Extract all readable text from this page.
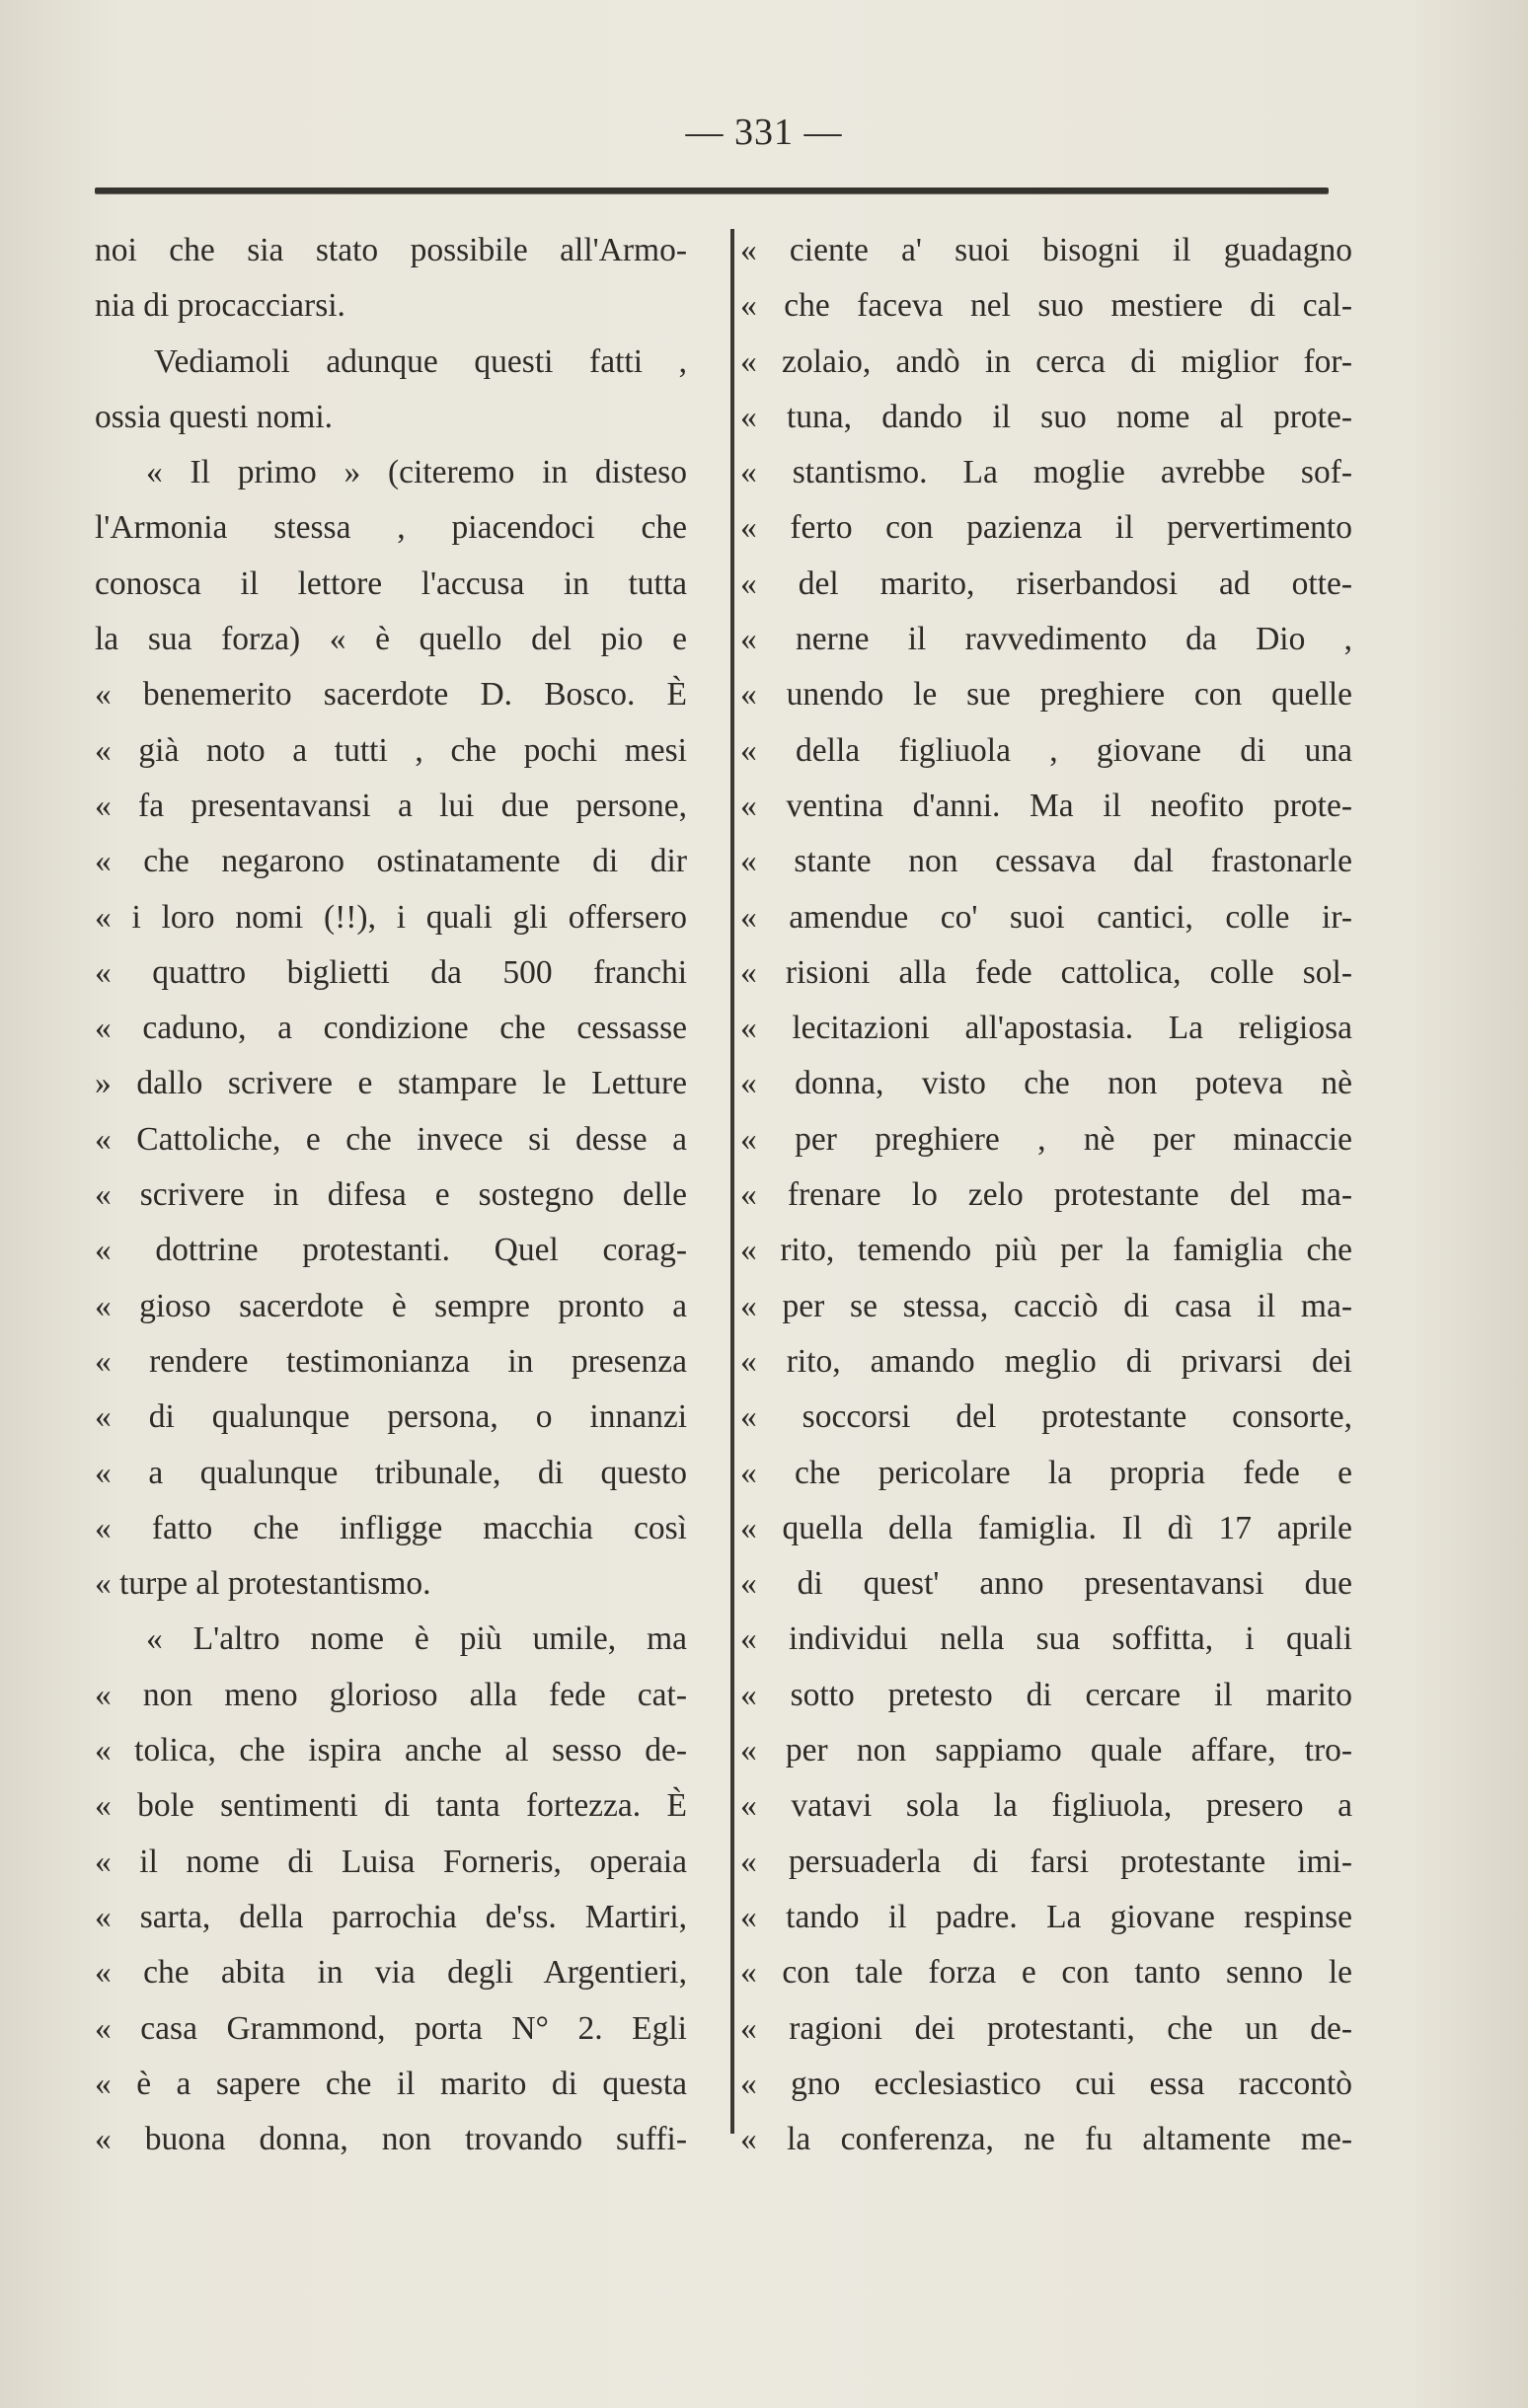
— 331 —
noi che sia stato possibile all'Armo-
nia di procacciarsi.
Vediamoli adunque questi fatti ,
ossia questi nomi.
« Il primo » (citeremo in disteso
l'Armonia stessa , piacendoci che
conosca il lettore l'accusa in tutta
la sua forza) « è quello del pio e
« benemerito sacerdote D. Bosco. È
« già noto a tutti , che pochi mesi
« fa presentavansi a lui due persone,
« che negarono ostinatamente di dir
« i loro nomi (!!), i quali gli offersero
« quattro biglietti da 500 franchi
« caduno, a condizione che cessasse
» dallo scrivere e stampare le Letture
« Cattoliche, e che invece si desse a
« scrivere in difesa e sostegno delle
« dottrine protestanti. Quel corag-
« gioso sacerdote è sempre pronto a
« rendere testimonianza in presenza
« di qualunque persona, o innanzi
« a qualunque tribunale, di questo
« fatto che infligge macchia così
« turpe al protestantismo.
« L'altro nome è più umile, ma
« non meno glorioso alla fede cat-
« tolica, che ispira anche al sesso de-
« bole sentimenti di tanta fortezza. È
« il nome di Luisa Forneris, operaia
« sarta, della parrochia de'ss. Martiri,
« che abita in via degli Argentieri,
« casa Grammond, porta N° 2. Egli
« è a sapere che il marito di questa
« buona donna, non trovando suffi-
« ciente a' suoi bisogni il guadagno
« che faceva nel suo mestiere di cal-
« zolaio, andò in cerca di miglior for-
« tuna, dando il suo nome al prote-
« stantismo. La moglie avrebbe sof-
« ferto con pazienza il pervertimento
« del marito, riserbandosi ad otte-
« nerne il ravvedimento da Dio ,
« unendo le sue preghiere con quelle
« della figliuola , giovane di una
« ventina d'anni. Ma il neofito prote-
« stante non cessava dal frastonarle
« amendue co' suoi cantici, colle ir-
« risioni alla fede cattolica, colle sol-
« lecitazioni all'apostasia. La religiosa
« donna, visto che non poteva nè
« per preghiere , nè per minaccie
« frenare lo zelo protestante del ma-
« rito, temendo più per la famiglia che
« per se stessa, cacciò di casa il ma-
« rito, amando meglio di privarsi dei
« soccorsi del protestante consorte,
« che pericolare la propria fede e
« quella della famiglia. Il dì 17 aprile
« di quest' anno presentavansi due
« individui nella sua soffitta, i quali
« sotto pretesto di cercare il marito
« per non sappiamo quale affare, tro-
« vatavi sola la figliuola, presero a
« persuaderla di farsi protestante imi-
« tando il padre. La giovane respinse
« con tale forza e con tanto senno le
« ragioni dei protestanti, che un de-
« gno ecclesiastico cui essa raccontò
« la conferenza, ne fu altamente me-
